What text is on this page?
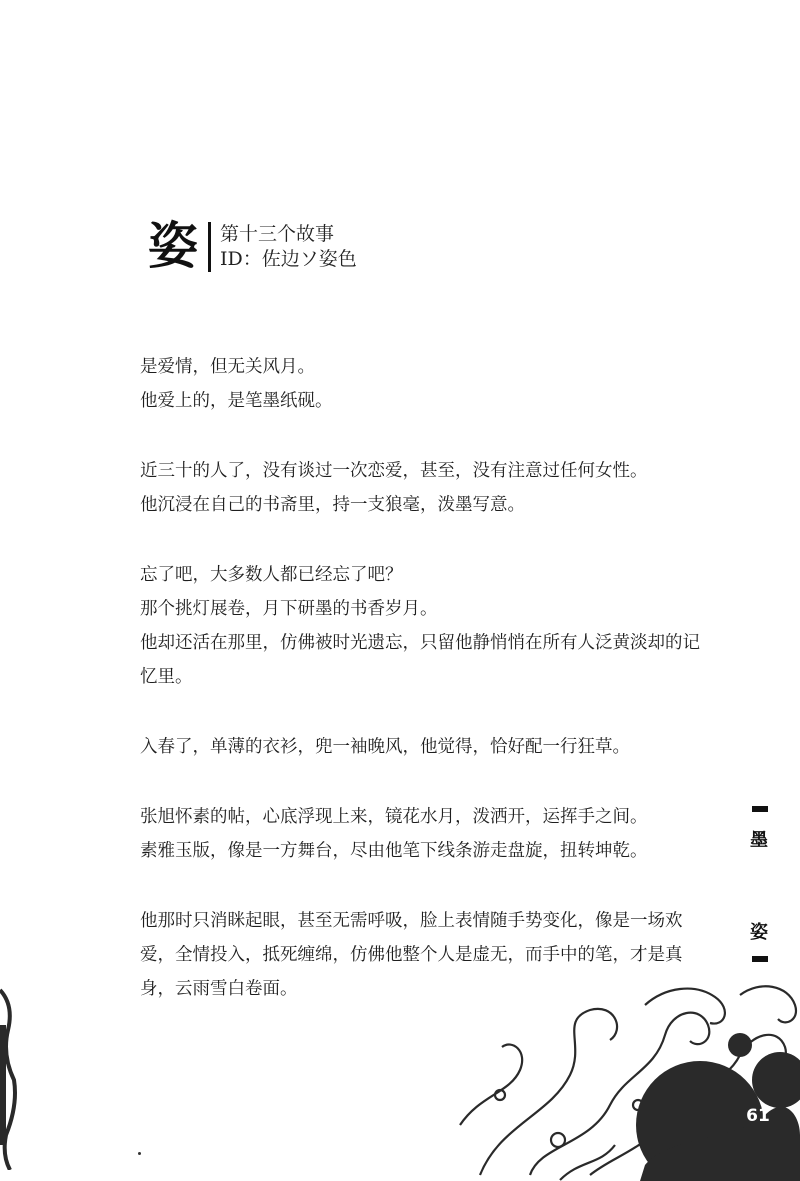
姿 第十三个故事
ID：佐边ソ姿色
是爱情，但无关风月。
他爱上的，是笔墨纸砚。
近三十的人了，没有谈过一次恋爱，甚至，没有注意过任何女性。
他沉浸在自己的书斋里，持一支狼毫，泼墨写意。
忘了吧，大多数人都已经忘了吧？
那个挑灯展卷，月下研墨的书香岁月。
他却还活在那里，仿佛被时光遗忘，只留他静悄悄在所有人泛黄淡却的记忆里。
入春了，单薄的衣衫，兜一袖晚风，他觉得，恰好配一行狂草。
张旭怀素的帖，心底浮现上来，镜花水月，泼洒开，运挥手之间。
素雅玉版，像是一方舞台，尽由他笔下线条游走盘旋，扭转坤乾。
他那时只消眯起眼，甚至无需呼吸，脸上表情随手势变化，像是一场欢爱，全情投入，抵死缠绵，仿佛他整个人是虚无，而手中的笔，才是真身，云雨雪白卷面。
墨
姿
61
